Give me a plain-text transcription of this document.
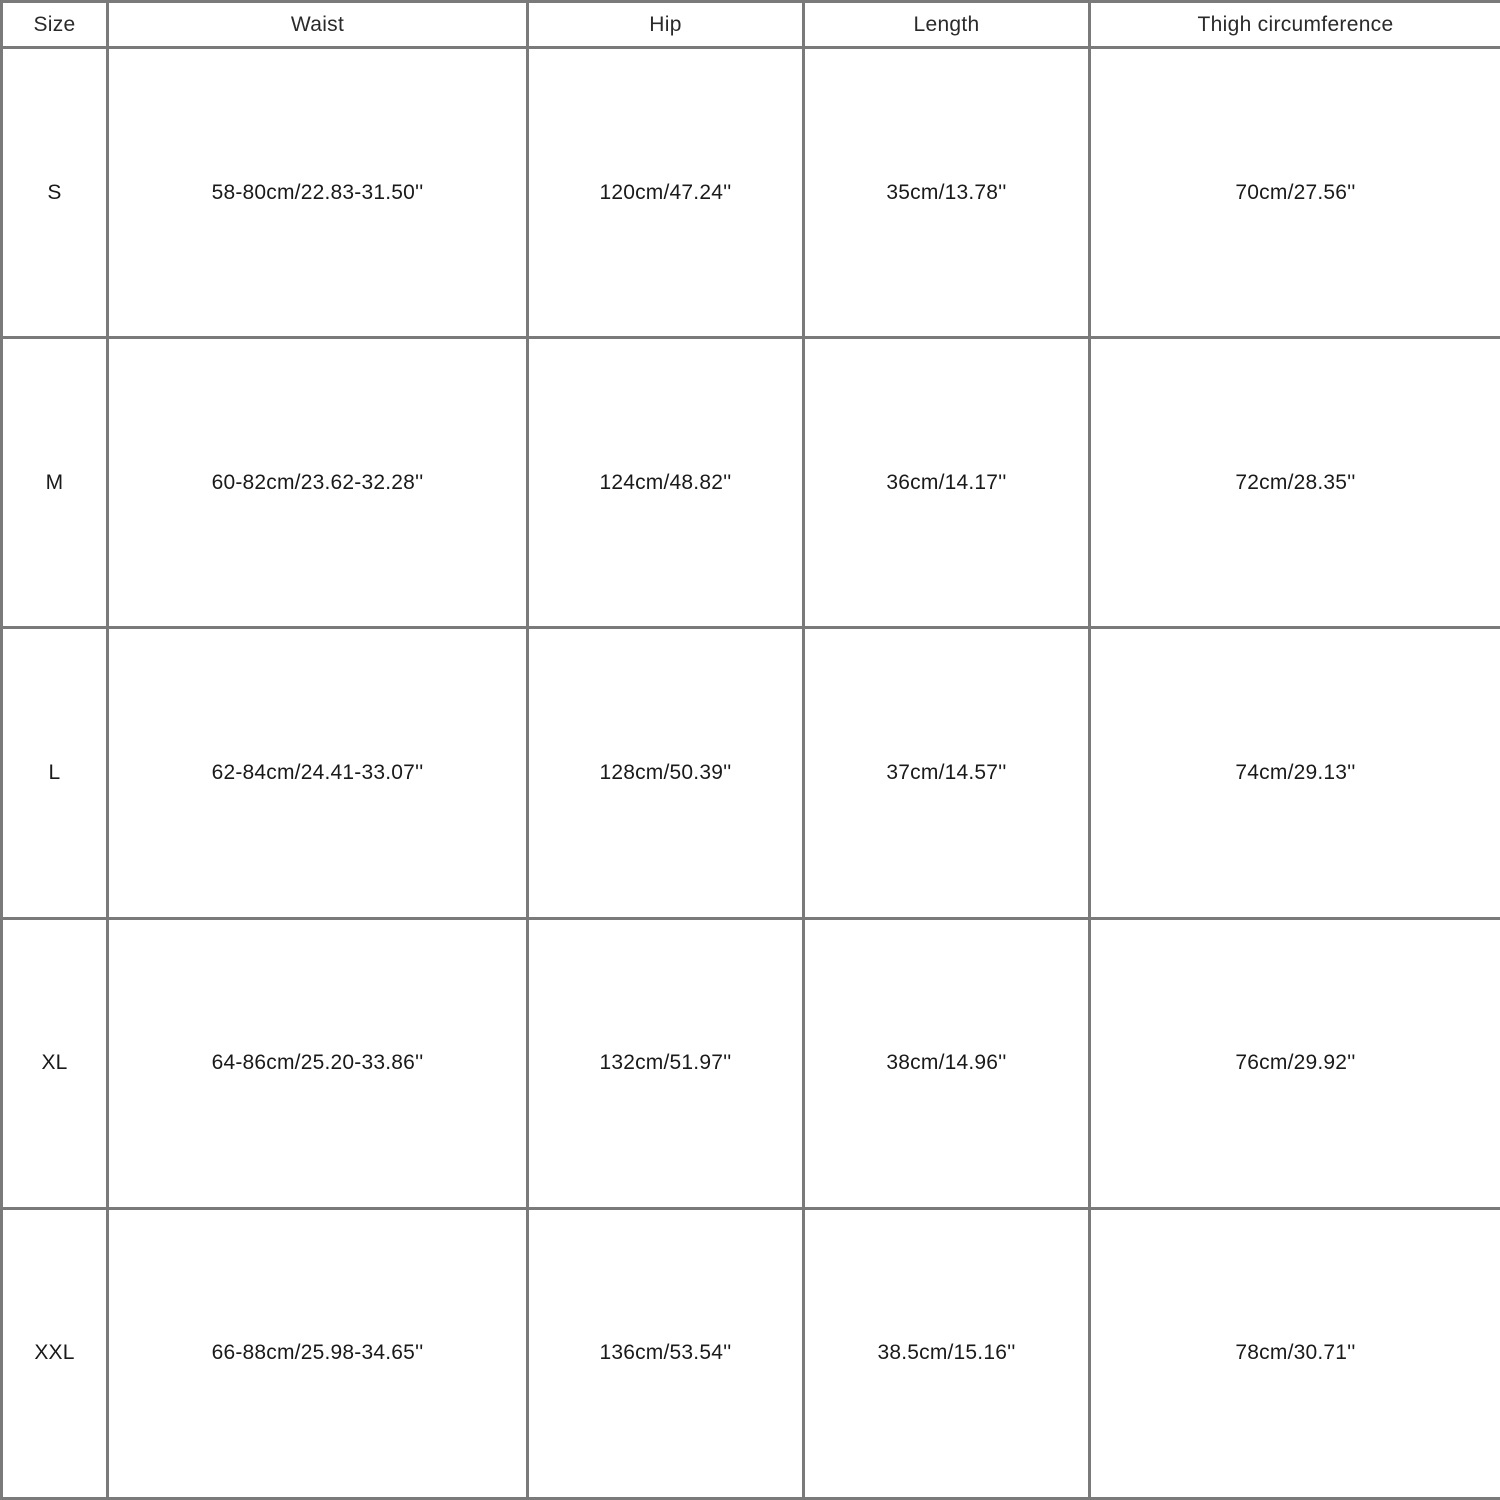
Size	Waist	Hip	Length	Thigh circumference
S	58-80cm/22.83-31.50''	120cm/47.24''	35cm/13.78''	70cm/27.56''
M	60-82cm/23.62-32.28''	124cm/48.82''	36cm/14.17''	72cm/28.35''
L	62-84cm/24.41-33.07''	128cm/50.39''	37cm/14.57''	74cm/29.13''
XL	64-86cm/25.20-33.86''	132cm/51.97''	38cm/14.96''	76cm/29.92''
XXL	66-88cm/25.98-34.65''	136cm/53.54''	38.5cm/15.16''	78cm/30.71''
